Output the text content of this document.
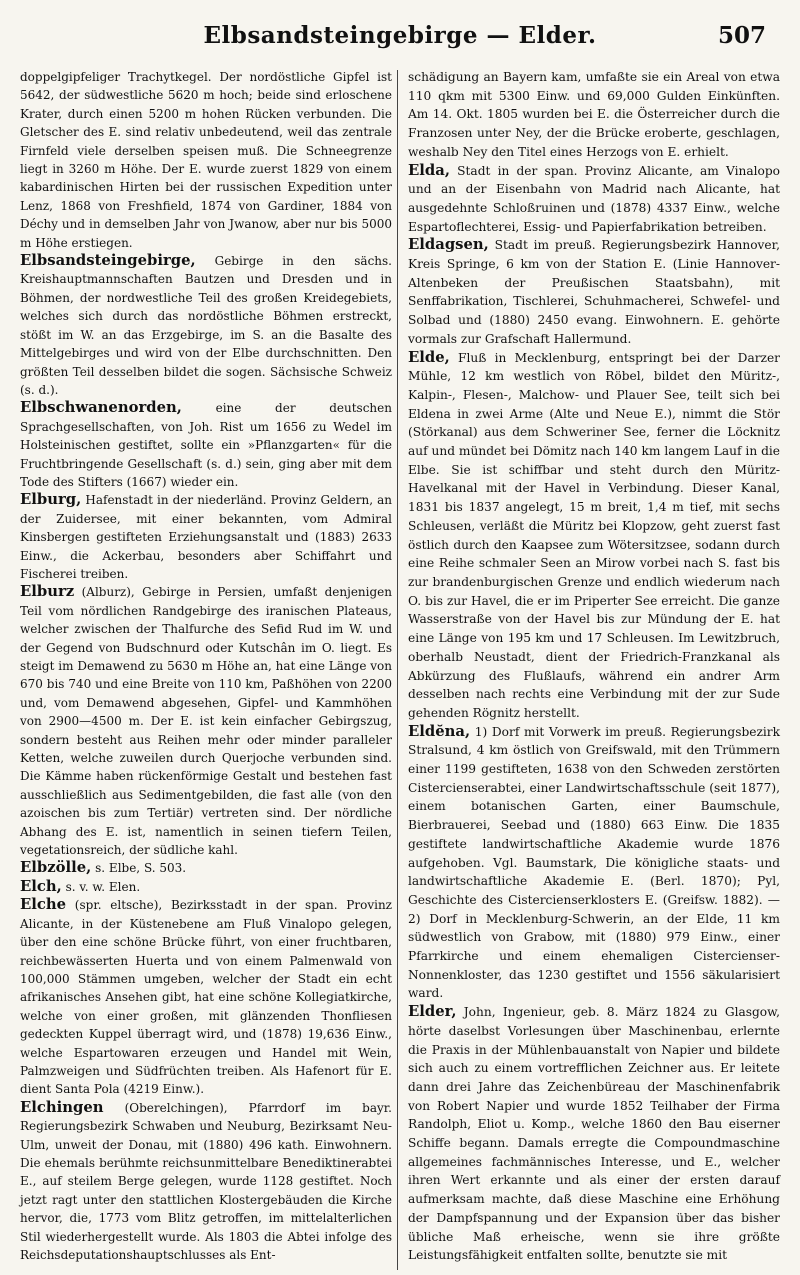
Elbsandsteingebirge — Elder.	507

doppelgipfeliger Trachytkegel. Der nordöstliche Gipfel ist 5642, der südwestliche 5620 m hoch; beide sind erloschene Krater, durch einen 5200 m hohen Rücken verbunden. Die Gletscher des E. sind relativ unbedeutend, weil das zentrale Firnfeld viele derselben speisen muß. Die Schneegrenze liegt in 3260 m Höhe. Der E. wurde zuerst 1829 von einem kabardinischen Hirten bei der russischen Expedition unter Lenz, 1868 von Freshfield, 1874 von Gardiner, 1884 von Déchy und in demselben Jahr von Jwanow, aber nur bis 5000 m Höhe erstiegen.

Elbsandsteingebirge, Gebirge in den sächs. Kreishauptmannschaften Bautzen und Dresden und in Böhmen, der nordwestliche Teil des großen Kreidegebiets, welches sich durch das nordöstliche Böhmen erstreckt, stößt im W. an das Erzgebirge, im S. an die Basalte des Mittelgebirges und wird von der Elbe durchschnitten. Den größten Teil desselben bildet die sogen. Sächsische Schweiz (s. d.).

Elbschwanenorden, eine der deutschen Sprachgesellschaften, von Joh. Rist um 1656 zu Wedel im Holsteinischen gestiftet, sollte ein »Pflanzgarten« für die Fruchtbringende Gesellschaft (s. d.) sein, ging aber mit dem Tode des Stifters (1667) wieder ein.

Elburg, Hafenstadt in der niederländ. Provinz Geldern, an der Zuidersee, mit einer bekannten, vom Admiral Kinsbergen gestifteten Erziehungsanstalt und (1883) 2633 Einw., die Ackerbau, besonders aber Schiffahrt und Fischerei treiben.

Elburz (Alburz), Gebirge in Persien, umfaßt denjenigen Teil vom nördlichen Randgebirge des iranischen Plateaus, welcher zwischen der Thalfurche des Sefid Rud im W. und der Gegend von Budschnurd oder Kutschân im O. liegt. Es steigt im Demawend zu 5630 m Höhe an, hat eine Länge von 670 bis 740 und eine Breite von 110 km, Paßhöhen von 2200 und, vom Demawend abgesehen, Gipfel- und Kammhöhen von 2900—4500 m. Der E. ist kein einfacher Gebirgszug, sondern besteht aus Reihen mehr oder minder paralleler Ketten, welche zuweilen durch Querjoche verbunden sind. Die Kämme haben rückenförmige Gestalt und bestehen fast ausschließlich aus Sedimentgebilden, die fast alle (von den azoischen bis zum Tertiär) vertreten sind. Der nördliche Abhang des E. ist, namentlich in seinen tiefern Teilen, vegetationsreich, der südliche kahl.

Elbzölle, s. Elbe, S. 503.

Elch, s. v. w. Elen.

Elche (spr. eltsche), Bezirksstadt in der span. Provinz Alicante, in der Küstenebene am Fluß Vinalopo gelegen, über den eine schöne Brücke führt, von einer fruchtbaren, reichbewässerten Huerta und von einem Palmenwald von 100,000 Stämmen umgeben, welcher der Stadt ein echt afrikanisches Ansehen gibt, hat eine schöne Kollegiatkirche, welche von einer großen, mit glänzenden Thonfliesen gedeckten Kuppel überragt wird, und (1878) 19,636 Einw., welche Espartowaren erzeugen und Handel mit Wein, Palmzweigen und Südfrüchten treiben. Als Hafenort für E. dient Santa Pola (4219 Einw.).

Elchingen (Oberelchingen), Pfarrdorf im bayr. Regierungsbezirk Schwaben und Neuburg, Bezirksamt Neu-Ulm, unweit der Donau, mit (1880) 496 kath. Einwohnern. Die ehemals berühmte reichsunmittelbare Benediktinerabtei E., auf steilem Berge gelegen, wurde 1128 gestiftet. Noch jetzt ragt unter den stattlichen Klostergebäuden die Kirche hervor, die, 1773 vom Blitz getroffen, im mittelalterlichen Stil wiederhergestellt wurde. Als 1803 die Abtei infolge des Reichsdeputationshauptschlusses als Ent-

schädigung an Bayern kam, umfaßte sie ein Areal von etwa 110 qkm mit 5300 Einw. und 69,000 Gulden Einkünften. Am 14. Okt. 1805 wurden bei E. die Österreicher durch die Franzosen unter Ney, der die Brücke eroberte, geschlagen, weshalb Ney den Titel eines Herzogs von E. erhielt.

Elda, Stadt in der span. Provinz Alicante, am Vinalopo und an der Eisenbahn von Madrid nach Alicante, hat ausgedehnte Schloßruinen und (1878) 4337 Einw., welche Espartoflechterei, Essig- und Papierfabrikation betreiben.

Eldagsen, Stadt im preuß. Regierungsbezirk Hannover, Kreis Springe, 6 km von der Station E. (Linie Hannover-Altenbeken der Preußischen Staatsbahn), mit Senffabrikation, Tischlerei, Schuhmacherei, Schwefel- und Solbad und (1880) 2450 evang. Einwohnern. E. gehörte vormals zur Grafschaft Hallermund.

Elde, Fluß in Mecklenburg, entspringt bei der Darzer Mühle, 12 km westlich von Röbel, bildet den Müritz-, Kalpin-, Flesen-, Malchow- und Plauer See, teilt sich bei Eldena in zwei Arme (Alte und Neue E.), nimmt die Stör (Störkanal) aus dem Schweriner See, ferner die Löcknitz auf und mündet bei Dömitz nach 140 km langem Lauf in die Elbe. Sie ist schiffbar und steht durch den Müritz-Havelkanal mit der Havel in Verbindung. Dieser Kanal, 1831 bis 1837 angelegt, 15 m breit, 1,4 m tief, mit sechs Schleusen, verläßt die Müritz bei Klopzow, geht zuerst fast östlich durch den Kaapsee zum Wötersitzsee, sodann durch eine Reihe schmaler Seen an Mirow vorbei nach S. fast bis zur brandenburgischen Grenze und endlich wiederum nach O. bis zur Havel, die er im Priperter See erreicht. Die ganze Wasserstraße von der Havel bis zur Mündung der E. hat eine Länge von 195 km und 17 Schleusen. Im Lewitzbruch, oberhalb Neustadt, dient der Friedrich-Franzkanal als Abkürzung des Flußlaufs, während ein andrer Arm desselben nach rechts eine Verbindung mit der zur Sude gehenden Rögnitz herstellt.

Eldĕna, 1) Dorf mit Vorwerk im preuß. Regierungsbezirk Stralsund, 4 km östlich von Greifswald, mit den Trümmern einer 1199 gestifteten, 1638 von den Schweden zerstörten Cistercienserabtei, einer Landwirtschaftsschule (seit 1877), einem botanischen Garten, einer Baumschule, Bierbrauerei, Seebad und (1880) 663 Einw. Die 1835 gestiftete landwirtschaftliche Akademie wurde 1876 aufgehoben. Vgl. Baumstark, Die königliche staats- und landwirtschaftliche Akademie E. (Berl. 1870); Pyl, Geschichte des Cistercienserklosters E. (Greifsw. 1882). — 2) Dorf in Mecklenburg-Schwerin, an der Elde, 11 km südwestlich von Grabow, mit (1880) 979 Einw., einer Pfarrkirche und einem ehemaligen Cistercienser-Nonnenkloster, das 1230 gestiftet und 1556 säkularisiert ward.

Elder, John, Ingenieur, geb. 8. März 1824 zu Glasgow, hörte daselbst Vorlesungen über Maschinenbau, erlernte die Praxis in der Mühlenbauanstalt von Napier und bildete sich auch zu einem vortrefflichen Zeichner aus. Er leitete dann drei Jahre das Zeichenbüreau der Maschinenfabrik von Robert Napier und wurde 1852 Teilhaber der Firma Randolph, Eliot u. Komp., welche 1860 den Bau eiserner Schiffe begann. Damals erregte die Compoundmaschine allgemeines fachmännisches Interesse, und E., welcher ihren Wert erkannte und als einer der ersten darauf aufmerksam machte, daß diese Maschine eine Erhöhung der Dampfspannung und der Expansion über das bisher übliche Maß erheische, wenn sie ihre größte Leistungsfähigkeit entfalten sollte, benutzte sie mit
